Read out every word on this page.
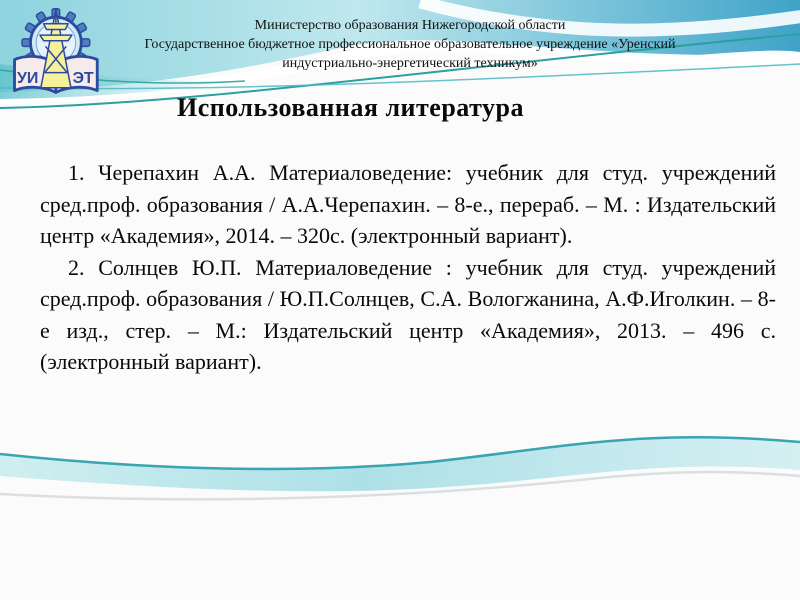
УИ ЭТ
Министерство образования Нижегородской области
Государственное бюджетное профессиональное образовательное учреждение «Уренский
индустриально-энергетический техникум»
Использованная литература

1. Черепахин А.А. Материаловедение: учебник для студ. учреждений сред.проф. образования / А.А.Черепахин. – 8-е., перераб. – М. : Издательский центр «Академия», 2014. – 320с. (электронный вариант).

2. Солнцев Ю.П. Материаловедение : учебник для студ. учреждений сред.проф. образования / Ю.П.Солнцев, С.А. Вологжанина, А.Ф.Иголкин. – 8-е изд., стер. – М.: Издательский центр «Академия», 2013. – 496 с. (электронный вариант).
